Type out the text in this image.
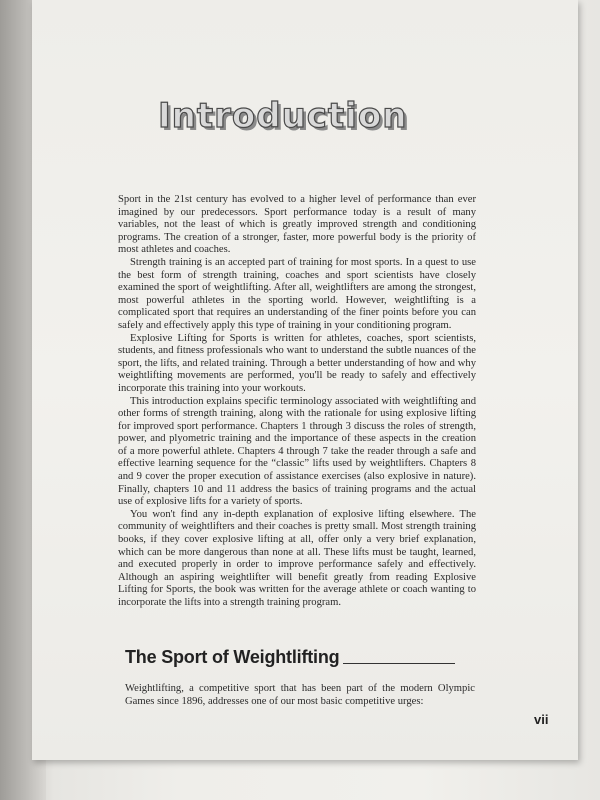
Introduction

Sport in the 21st century has evolved to a higher level of performance than ever imagined by our predecessors. Sport performance today is a result of many variables, not the least of which is greatly improved strength and conditioning programs. The creation of a stronger, faster, more powerful body is the priority of most athletes and coaches.

Strength training is an accepted part of training for most sports. In a quest to use the best form of strength training, coaches and sport scientists have closely examined the sport of weightlifting. After all, weightlifters are among the strongest, most powerful athletes in the sporting world. However, weightlifting is a complicated sport that requires an understanding of the finer points before you can safely and effectively apply this type of training in your conditioning program.

Explosive Lifting for Sports is written for athletes, coaches, sport scientists, students, and fitness professionals who want to understand the subtle nuances of the sport, the lifts, and related training. Through a better understanding of how and why weightlifting movements are performed, you'll be ready to safely and effectively incorporate this training into your workouts.

This introduction explains specific terminology associated with weightlifting and other forms of strength training, along with the rationale for using explosive lifting for improved sport performance. Chapters 1 through 3 discuss the roles of strength, power, and plyometric training and the importance of these aspects in the creation of a more powerful athlete. Chapters 4 through 7 take the reader through a safe and effective learning sequence for the “classic” lifts used by weightlifters. Chapters 8 and 9 cover the proper execution of assistance exercises (also explosive in nature). Finally, chapters 10 and 11 address the basics of training programs and the actual use of explosive lifts for a variety of sports.

You won't find any in-depth explanation of explosive lifting elsewhere. The community of weightlifters and their coaches is pretty small. Most strength training books, if they cover explosive lifting at all, offer only a very brief explanation, which can be more dangerous than none at all. These lifts must be taught, learned, and executed properly in order to improve performance safely and effectively. Although an aspiring weightlifter will benefit greatly from reading Explosive Lifting for Sports, the book was written for the average athlete or coach wanting to incorporate the lifts into a strength training program.

The Sport of Weightlifting

Weightlifting, a competitive sport that has been part of the modern Olympic Games since 1896, addresses one of our most basic competitive urges:

vii
